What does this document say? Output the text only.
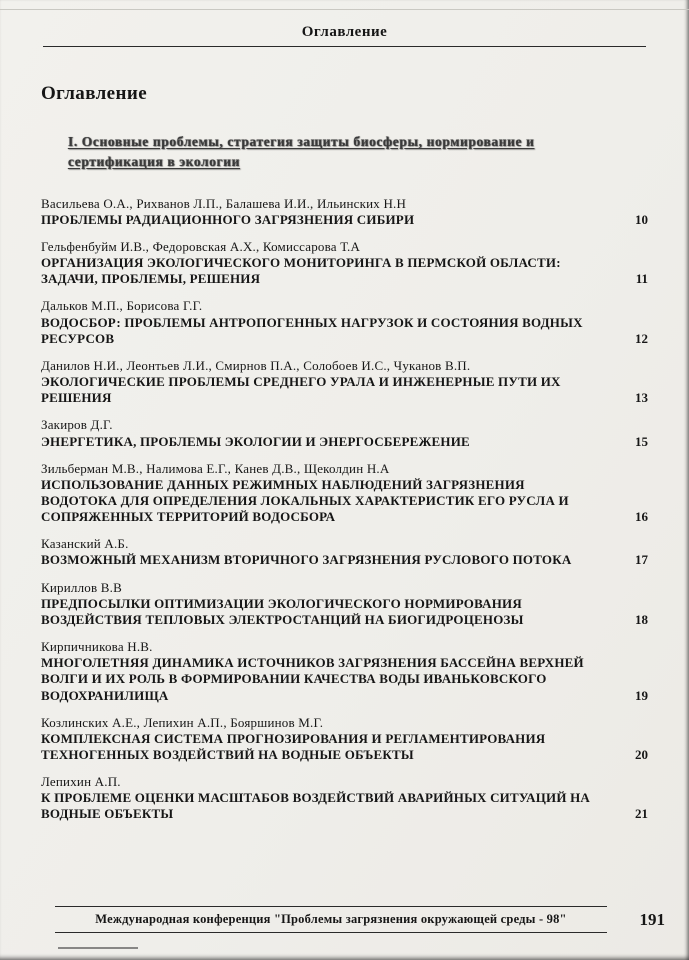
Оглавление
Оглавление
I. Основные проблемы, стратегия защиты биосферы, нормирование и сертификация в экологии
Васильева О.А., Рихванов Л.П., Балашева И.И., Ильинских Н.Н
ПРОБЛЕМЫ РАДИАЦИОННОГО ЗАГРЯЗНЕНИЯ СИБИРИ	10
Гельфенбуйм И.В., Федоровская А.Х., Комиссарова Т.А
ОРГАНИЗАЦИЯ ЭКОЛОГИЧЕСКОГО МОНИТОРИНГА В ПЕРМСКОЙ ОБЛАСТИ: ЗАДАЧИ, ПРОБЛЕМЫ, РЕШЕНИЯ	11
Дальков М.П., Борисова Г.Г.
ВОДОСБОР: ПРОБЛЕМЫ АНТРОПОГЕННЫХ НАГРУЗОК И СОСТОЯНИЯ ВОДНЫХ РЕСУРСОВ	12
Данилов Н.И., Леонтьев Л.И., Смирнов П.А., Солобоев И.С., Чуканов В.П.
ЭКОЛОГИЧЕСКИЕ ПРОБЛЕМЫ СРЕДНЕГО УРАЛА И ИНЖЕНЕРНЫЕ ПУТИ ИХ РЕШЕНИЯ	13
Закиров Д.Г.
ЭНЕРГЕТИКА, ПРОБЛЕМЫ ЭКОЛОГИИ И ЭНЕРГОСБЕРЕЖЕНИЕ	15
Зильберман М.В., Налимова Е.Г., Канев Д.В., Щеколдин Н.А
ИСПОЛЬЗОВАНИЕ ДАННЫХ РЕЖИМНЫХ НАБЛЮДЕНИЙ ЗАГРЯЗНЕНИЯ ВОДОТОКА ДЛЯ ОПРЕДЕЛЕНИЯ ЛОКАЛЬНЫХ ХАРАКТЕРИСТИК ЕГО РУСЛА И СОПРЯЖЕННЫХ ТЕРРИТОРИЙ ВОДОСБОРА	16
Казанский А.Б.
ВОЗМОЖНЫЙ МЕХАНИЗМ ВТОРИЧНОГО ЗАГРЯЗНЕНИЯ РУСЛОВОГО ПОТОКА	17
Кириллов В.В
ПРЕДПОСЫЛКИ ОПТИМИЗАЦИИ ЭКОЛОГИЧЕСКОГО НОРМИРОВАНИЯ ВОЗДЕЙСТВИЯ ТЕПЛОВЫХ ЭЛЕКТРОСТАНЦИЙ НА БИОГИДРОЦЕНОЗЫ	18
Кирпичникова Н.В.
МНОГОЛЕТНЯЯ ДИНАМИКА ИСТОЧНИКОВ ЗАГРЯЗНЕНИЯ БАССЕЙНА ВЕРХНЕЙ ВОЛГИ И ИХ РОЛЬ В ФОРМИРОВАНИИ КАЧЕСТВА ВОДЫ ИВАНЬКОВСКОГО ВОДОХРАНИЛИЩА	19
Козлинских А.Е., Лепихин А.П., Бояршинов М.Г.
КОМПЛЕКСНАЯ СИСТЕМА ПРОГНОЗИРОВАНИЯ И РЕГЛАМЕНТИРОВАНИЯ ТЕХНОГЕННЫХ ВОЗДЕЙСТВИЙ НА ВОДНЫЕ ОБЪЕКТЫ	20
Лепихин А.П.
К ПРОБЛЕМЕ ОЦЕНКИ МАСШТАБОВ ВОЗДЕЙСТВИЙ АВАРИЙНЫХ СИТУАЦИЙ НА ВОДНЫЕ ОБЪЕКТЫ	21
Международная конференция "Проблемы загрязнения окружающей среды - 98"	191
